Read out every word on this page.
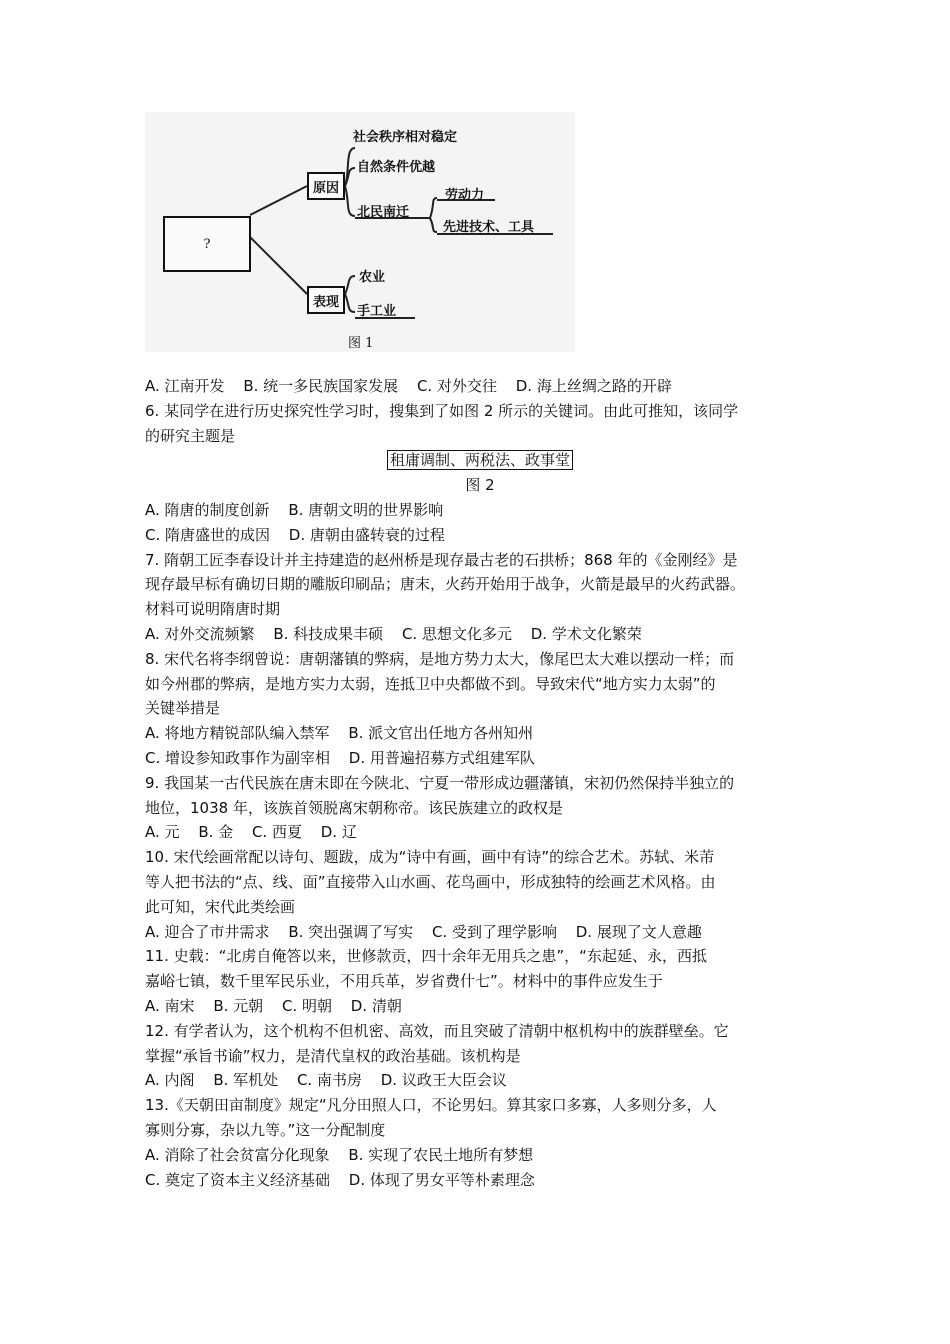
?
原因
社会秩序相对稳定
自然条件优越
北民南迁
劳动力
先进技术、工具
表现
农业
手工业
图 1
A. 江南开发 B. 统一多民族国家发展 C. 对外交往 D. 海上丝绸之路的开辟
6. 某同学在进行历史探究性学习时，搜集到了如图 2 所示的关键词。由此可推知，该同学
的研究主题是
租庸调制、两税法、政事堂
图 2
A. 隋唐的制度创新 B. 唐朝文明的世界影响
C. 隋唐盛世的成因 D. 唐朝由盛转衰的过程
7. 隋朝工匠李春设计并主持建造的赵州桥是现存最古老的石拱桥；868 年的《金刚经》是
现存最早标有确切日期的雕版印刷品；唐末，火药开始用于战争，火箭是最早的火药武器。
材料可说明隋唐时期
A. 对外交流频繁 B. 科技成果丰硕 C. 思想文化多元 D. 学术文化繁荣
8. 宋代名将李纲曾说：唐朝藩镇的弊病，是地方势力太大，像尾巴太大难以摆动一样；而
如今州郡的弊病，是地方实力太弱，连抵卫中央都做不到。导致宋代“地方实力太弱”的
关键举措是
A. 将地方精锐部队编入禁军 B. 派文官出任地方各州知州
C. 增设参知政事作为副宰相 D. 用普遍招募方式组建军队
9. 我国某一古代民族在唐末即在今陕北、宁夏一带形成边疆藩镇，宋初仍然保持半独立的
地位，1038 年，该族首领脱离宋朝称帝。该民族建立的政权是
A. 元 B. 金 C. 西夏 D. 辽
10. 宋代绘画常配以诗句、题跋，成为“诗中有画，画中有诗”的综合艺术。苏轼、米芾
等人把书法的“点、线、面”直接带入山水画、花鸟画中，形成独特的绘画艺术风格。由
此可知，宋代此类绘画
A. 迎合了市井需求 B. 突出强调了写实 C. 受到了理学影响 D. 展现了文人意趣
11. 史载：“北虏自俺答以来，世修款贡，四十余年无用兵之患”，“东起延、永，西抵
嘉峪七镇，数千里军民乐业，不用兵革，岁省费什七”。材料中的事件应发生于
A. 南宋 B. 元朝 C. 明朝 D. 清朝
12. 有学者认为，这个机构不但机密、高效，而且突破了清朝中枢机构中的族群壁垒。它
掌握“承旨书谕”权力，是清代皇权的政治基础。该机构是
A. 内阁 B. 军机处 C. 南书房 D. 议政王大臣会议
13.《天朝田亩制度》规定“凡分田照人口，不论男妇。算其家口多寡，人多则分多，人
寡则分寡，杂以九等。”这一分配制度
A. 消除了社会贫富分化现象 B. 实现了农民土地所有梦想
C. 奠定了资本主义经济基础 D. 体现了男女平等朴素理念
